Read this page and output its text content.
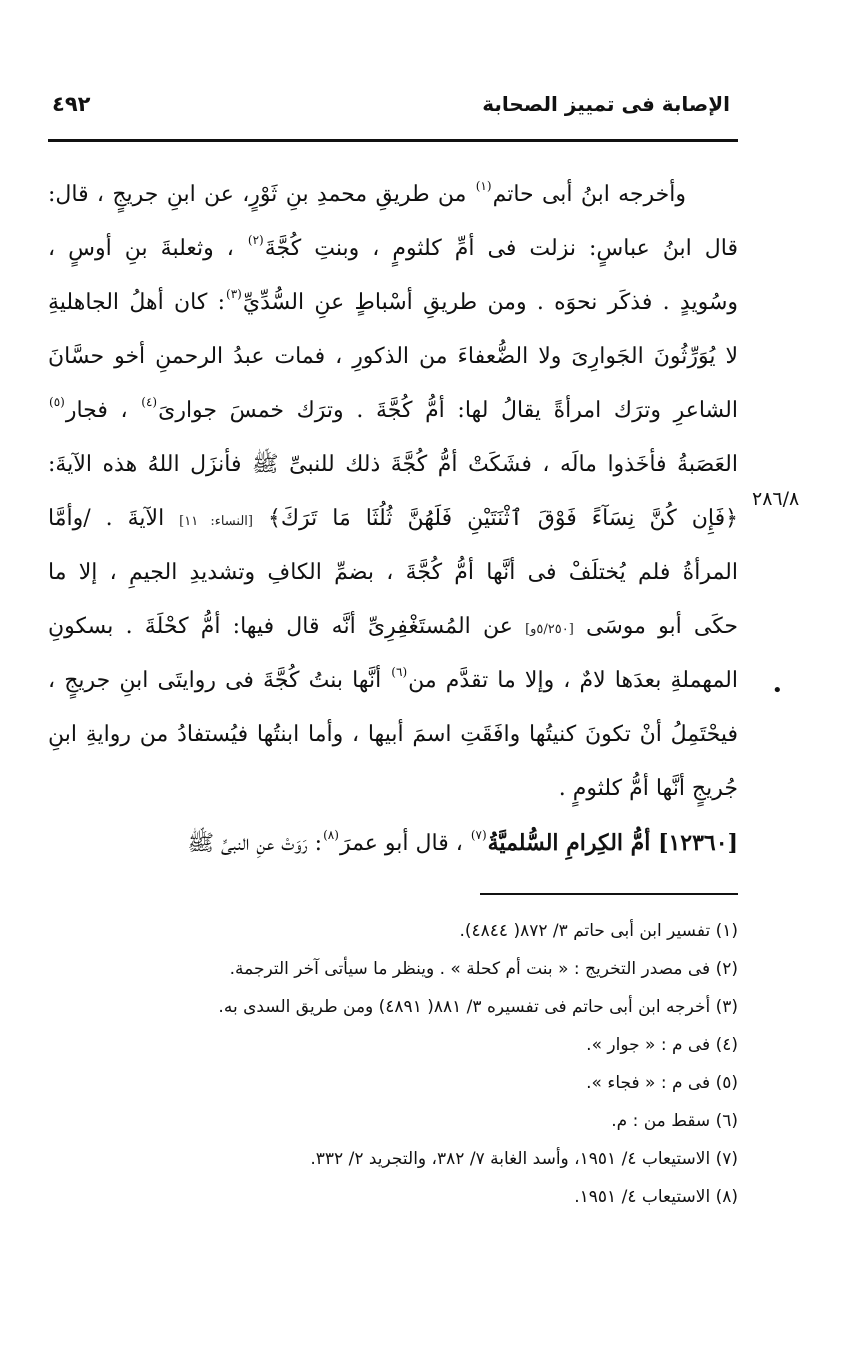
٤٩٢	الإصابة فى تمييز الصحابة
٢٨٦/٨
•
وأخرجه ابنُ أبى حاتم$^{(١)}$ من طريقِ محمدِ بنِ ثَوْرٍ، عن ابنِ جريجٍ ، قال:
قال ابنُ عباسٍ: نزلت فى أمِّ كلثومٍ ، وبنتِ كُجَّةَ$^{(٢)}$ ، وثعلبةَ بنِ أوسٍ ،
وسُويدٍ . فذكَر نحوَه . ومن طريقِ أسْباطٍ عنِ السُّدِّيِّ$^{(٣)}$: كان أهلُ الجاهليةِ
لا يُوَرِّثُونَ الجَوارِىَ ولا الضُّعفاءَ من الذكورِ ، فمات عبدُ الرحمنِ أخو حسَّانَ
الشاعرِ وترَك امرأةً يقالُ لها: أمُّ كُجَّةَ . وترَك خمسَ جوارىَ$^{(٤)}$ ، فجار$^{(٥)}$
العَصَبةُ فأخَذوا مالَه ، فشَكَتْ أمُّ كُجَّةَ ذلك للنبىِّ ﷺ فأنزَل اللهُ هذه الآيةَ:
﴿فَإِن كُنَّ نِسَآءً فَوْقَ ٱثْنَتَيْنِ فَلَهُنَّ ثُلُثَا مَا تَرَكَ﴾ [النساء: ١١] الآيةَ . /وأمَّا
المرأةُ فلم يُختلَفْ فى أنَّها أمُّ كُجَّةَ ، بضمِّ الكافِ وتشديدِ الجيمِ ، إلا ما
حكَى أبو موسَى [٥/٢٥٠و] عن المُستَغْفِرِىِّ أنَّه قال فيها: أمُّ كحْلَةَ . بسكونِ
المهملةِ بعدَها لامٌ ، وإلا ما تقدَّم من$^{(٦)}$ أنَّها بنتُ كُجَّةَ فى روايتَى ابنِ جريجٍ ،
فيحْتَمِلُ أنْ تكونَ كنيتُها وافَقَتِ اسمَ أبيها ، وأما ابنتُها فيُستفادُ من روايةِ ابنِ
جُريجٍ أنَّها أمُّ كلثومٍ .
[١٢٣٦٠] أمُّ الكِرامِ السُّلميَّةُ$^{(٧)}$ ، قال أبو عمرَ$^{(٨)}$: رَوَتْ عنِ النبىِّ ﷺ
(١) تفسير ابن أبى حاتم ٣/ ٨٧٢( ٤٨٤٤).
(٢) فى مصدر التخريج : « بنت أم كحلة » . وينظر ما سيأتى آخر الترجمة.
(٣) أخرجه ابن أبى حاتم فى تفسيره ٣/ ٨٨١( ٤٨٩١) ومن طريق السدى به.
(٤) فى م : « جوار ».
(٥) فى م : « فجاء ».
(٦) سقط من : م.
(٧) الاستيعاب ٤/ ١٩٥١، وأسد الغابة ٧/ ٣٨٢، والتجريد ٢/ ٣٣٢.
(٨) الاستيعاب ٤/ ١٩٥١.
